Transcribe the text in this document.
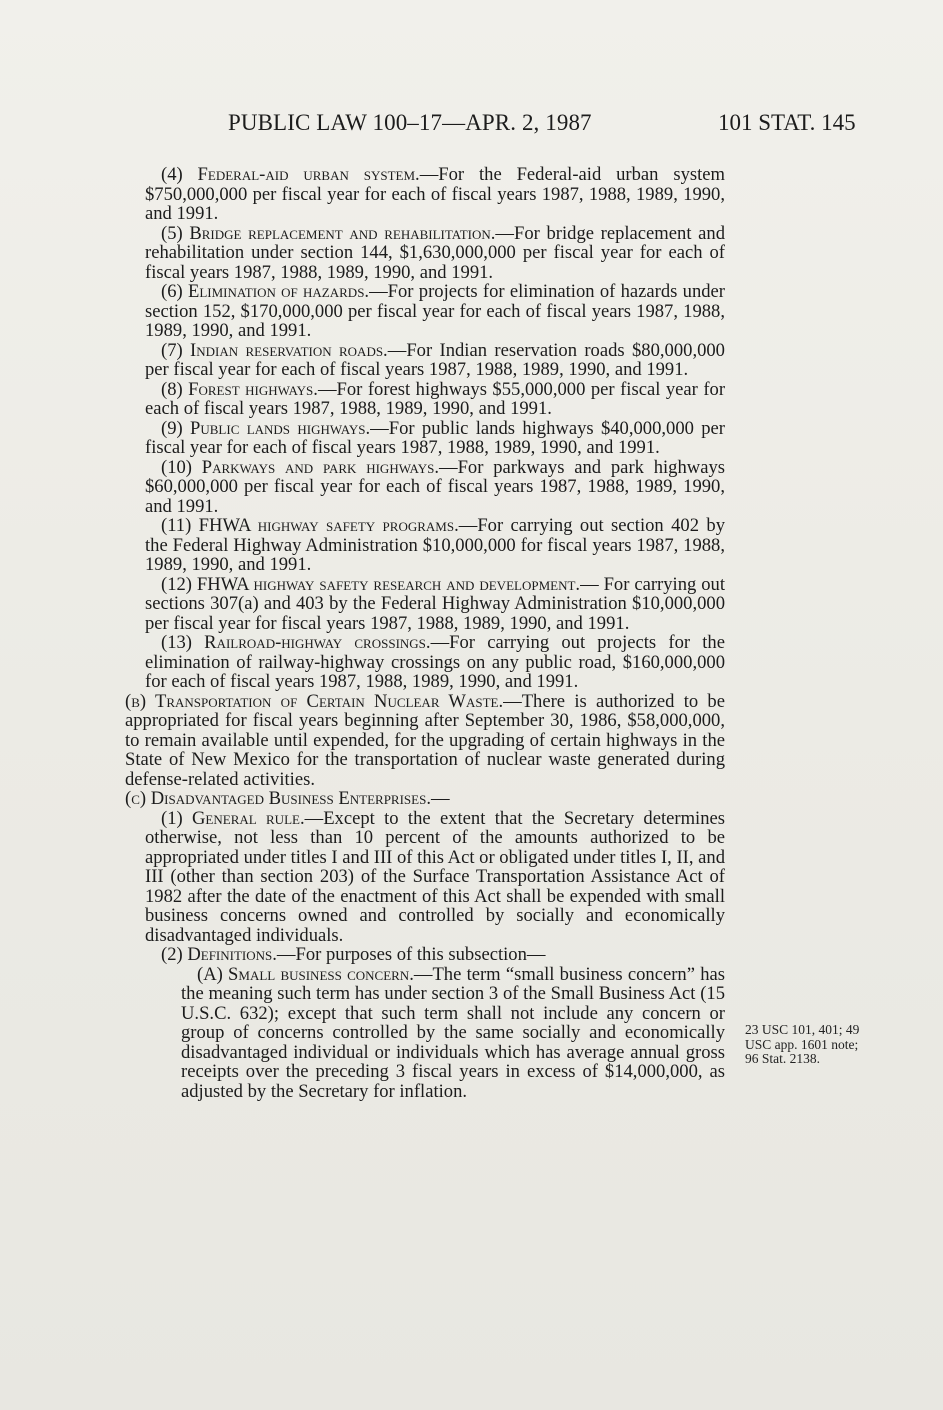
PUBLIC LAW 100–17—APR. 2, 1987	101 STAT. 145

(4) Federal-aid urban system.—For the Federal-aid urban system $750,000,000 per fiscal year for each of fiscal years 1987, 1988, 1989, 1990, and 1991.

(5) Bridge replacement and rehabilitation.—For bridge replacement and rehabilitation under section 144, $1,630,000,000 per fiscal year for each of fiscal years 1987, 1988, 1989, 1990, and 1991.

(6) Elimination of hazards.—For projects for elimination of hazards under section 152, $170,000,000 per fiscal year for each of fiscal years 1987, 1988, 1989, 1990, and 1991.

(7) Indian reservation roads.—For Indian reservation roads $80,000,000 per fiscal year for each of fiscal years 1987, 1988, 1989, 1990, and 1991.

(8) Forest highways.—For forest highways $55,000,000 per fiscal year for each of fiscal years 1987, 1988, 1989, 1990, and 1991.

(9) Public lands highways.—For public lands highways $40,000,000 per fiscal year for each of fiscal years 1987, 1988, 1989, 1990, and 1991.

(10) Parkways and park highways.—For parkways and park highways $60,000,000 per fiscal year for each of fiscal years 1987, 1988, 1989, 1990, and 1991.

(11) FHWA highway safety programs.—For carrying out section 402 by the Federal Highway Administration $10,000,000 for fiscal years 1987, 1988, 1989, 1990, and 1991.

(12) FHWA highway safety research and development.— For carrying out sections 307(a) and 403 by the Federal Highway Administration $10,000,000 per fiscal year for fiscal years 1987, 1988, 1989, 1990, and 1991.

(13) Railroad-highway crossings.—For carrying out projects for the elimination of railway-highway crossings on any public road, $160,000,000 for each of fiscal years 1987, 1988, 1989, 1990, and 1991.

(b) Transportation of Certain Nuclear Waste.—There is authorized to be appropriated for fiscal years beginning after September 30, 1986, $58,000,000, to remain available until expended, for the upgrading of certain highways in the State of New Mexico for the transportation of nuclear waste generated during defense-related activities.

(c) Disadvantaged Business Enterprises.—

(1) General rule.—Except to the extent that the Secretary determines otherwise, not less than 10 percent of the amounts authorized to be appropriated under titles I and III of this Act or obligated under titles I, II, and III (other than section 203) of the Surface Transportation Assistance Act of 1982 after the date of the enactment of this Act shall be expended with small business concerns owned and controlled by socially and economically disadvantaged individuals.

(2) Definitions.—For purposes of this subsection—

(A) Small business concern.—The term “small business concern” has the meaning such term has under section 3 of the Small Business Act (15 U.S.C. 632); except that such term shall not include any concern or group of concerns controlled by the same socially and economically disadvantaged individual or individuals which has average annual gross receipts over the preceding 3 fiscal years in excess of $14,000,000, as adjusted by the Secretary for inflation.

23 USC 101, 401; 49 USC app. 1601 note; 96 Stat. 2138.
